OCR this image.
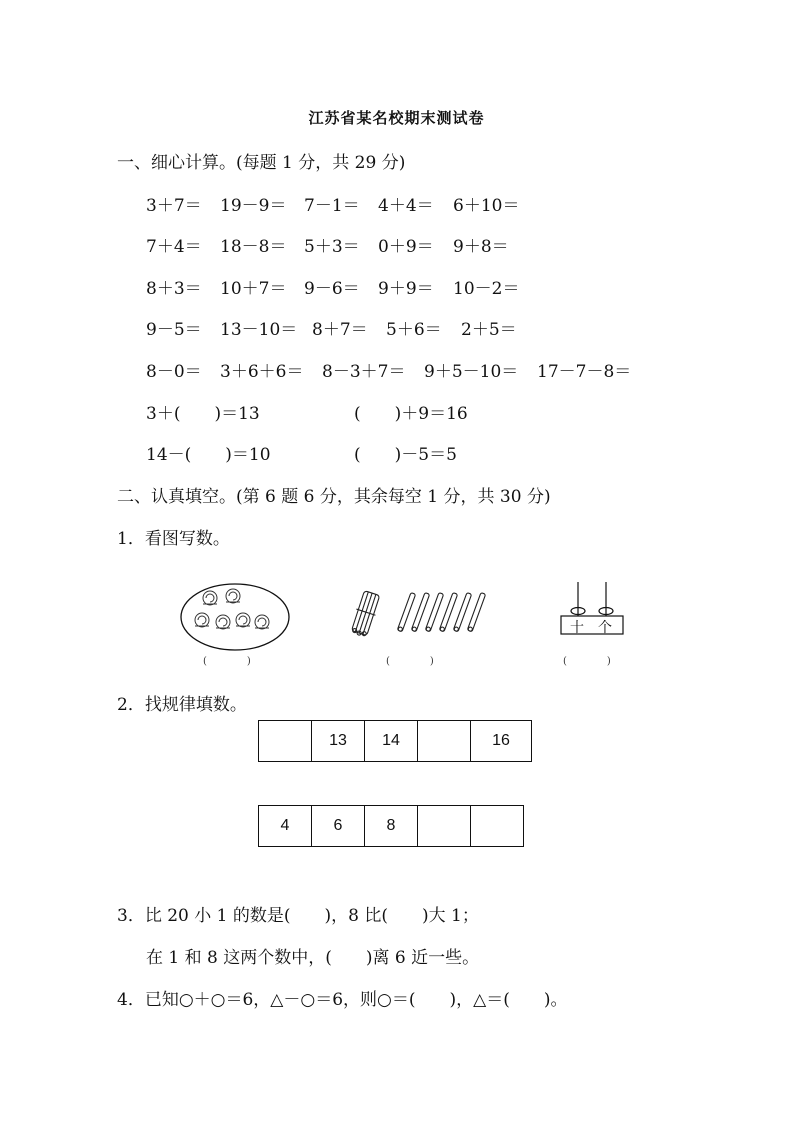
江苏省某名校期末测试卷
一、细心计算。(每题 1 分，共 29 分)
3＋7＝ 19－9＝ 7－1＝ 4＋4＝ 6＋10＝
7＋4＝ 18－8＝ 5＋3＝ 0＋9＝ 9＋8＝
8＋3＝ 10＋7＝ 9－6＝ 9＋9＝ 10－2＝
9－5＝ 13－10＝ 8＋7＝ 5＋6＝ 2＋5＝
8－0＝ 3＋6＋6＝ 8－3＋7＝ 9＋5－10＝ 17－7－8＝
3＋(　　)＝13	(　　)＋9＝16
14－(　　)＝10	(　　)－5＝5
二、认真填空。(第 6 题 6 分，其余每空 1 分，共 30 分)
1．看图写数。
十 个
(　　　　)	(　　　　)	(　　　　)
2．找规律填数。
	13	14		16
4	6	8		
3．比 20 小 1 的数是(　　)，8 比(　　)大 1；
在 1 和 8 这两个数中，(　　)离 6 近一些。
4．已知○＋○＝6，△－○＝6，则○＝(　　)，△＝(　　)。
